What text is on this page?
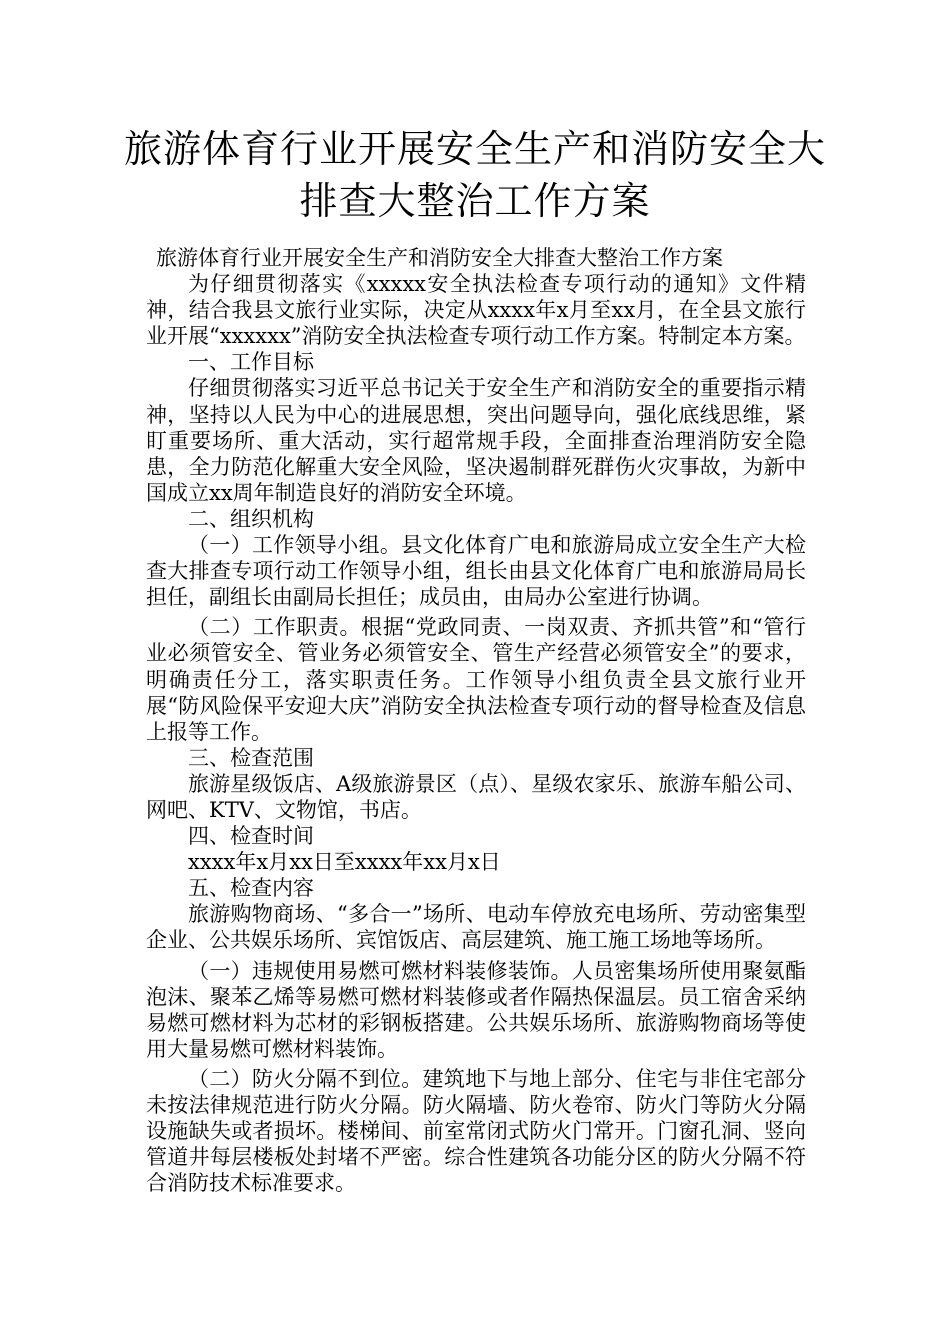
旅游体育行业开展安全生产和消防安全大
排查大整治工作方案

旅游体育行业开展安全生产和消防安全大排查大整治工作方案

为仔细贯彻落实《xxxxx安全执法检查专项行动的通知》文件精神，结合我县文旅行业实际，决定从xxxx年x月至xx月，在全县文旅行业开展“xxxxxx”消防安全执法检查专项行动工作方案。特制定本方案。

一、工作目标

仔细贯彻落实习近平总书记关于安全生产和消防安全的重要指示精神，坚持以人民为中心的进展思想，突出问题导向，强化底线思维，紧盯重要场所、重大活动，实行超常规手段，全面排查治理消防安全隐患，全力防范化解重大安全风险，坚决遏制群死群伤火灾事故，为新中国成立xx周年制造良好的消防安全环境。

二、组织机构

（一）工作领导小组。县文化体育广电和旅游局成立安全生产大检查大排查专项行动工作领导小组，组长由县文化体育广电和旅游局局长担任，副组长由副局长担任；成员由，由局办公室进行协调。

（二）工作职责。根据“党政同责、一岗双责、齐抓共管”和“管行业必须管安全、管业务必须管安全、管生产经营必须管安全”的要求，明确责任分工，落实职责任务。工作领导小组负责全县文旅行业开展“防风险保平安迎大庆”消防安全执法检查专项行动的督导检查及信息上报等工作。

三、检查范围

旅游星级饭店、A级旅游景区（点）、星级农家乐、旅游车船公司、网吧、KTV、文物馆，书店。

四、检查时间

xxxx年x月xx日至xxxx年xx月x日

五、检查内容

旅游购物商场、“多合一”场所、电动车停放充电场所、劳动密集型企业、公共娱乐场所、宾馆饭店、高层建筑、施工施工场地等场所。

（一）违规使用易燃可燃材料装修装饰。人员密集场所使用聚氨酯泡沫、聚苯乙烯等易燃可燃材料装修或者作隔热保温层。员工宿舍采纳易燃可燃材料为芯材的彩钢板搭建。公共娱乐场所、旅游购物商场等使用大量易燃可燃材料装饰。

（二）防火分隔不到位。建筑地下与地上部分、住宅与非住宅部分未按法律规范进行防火分隔。防火隔墙、防火卷帘、防火门等防火分隔设施缺失或者损坏。楼梯间、前室常闭式防火门常开。门窗孔洞、竖向管道井每层楼板处封堵不严密。综合性建筑各功能分区的防火分隔不符合消防技术标准要求。
